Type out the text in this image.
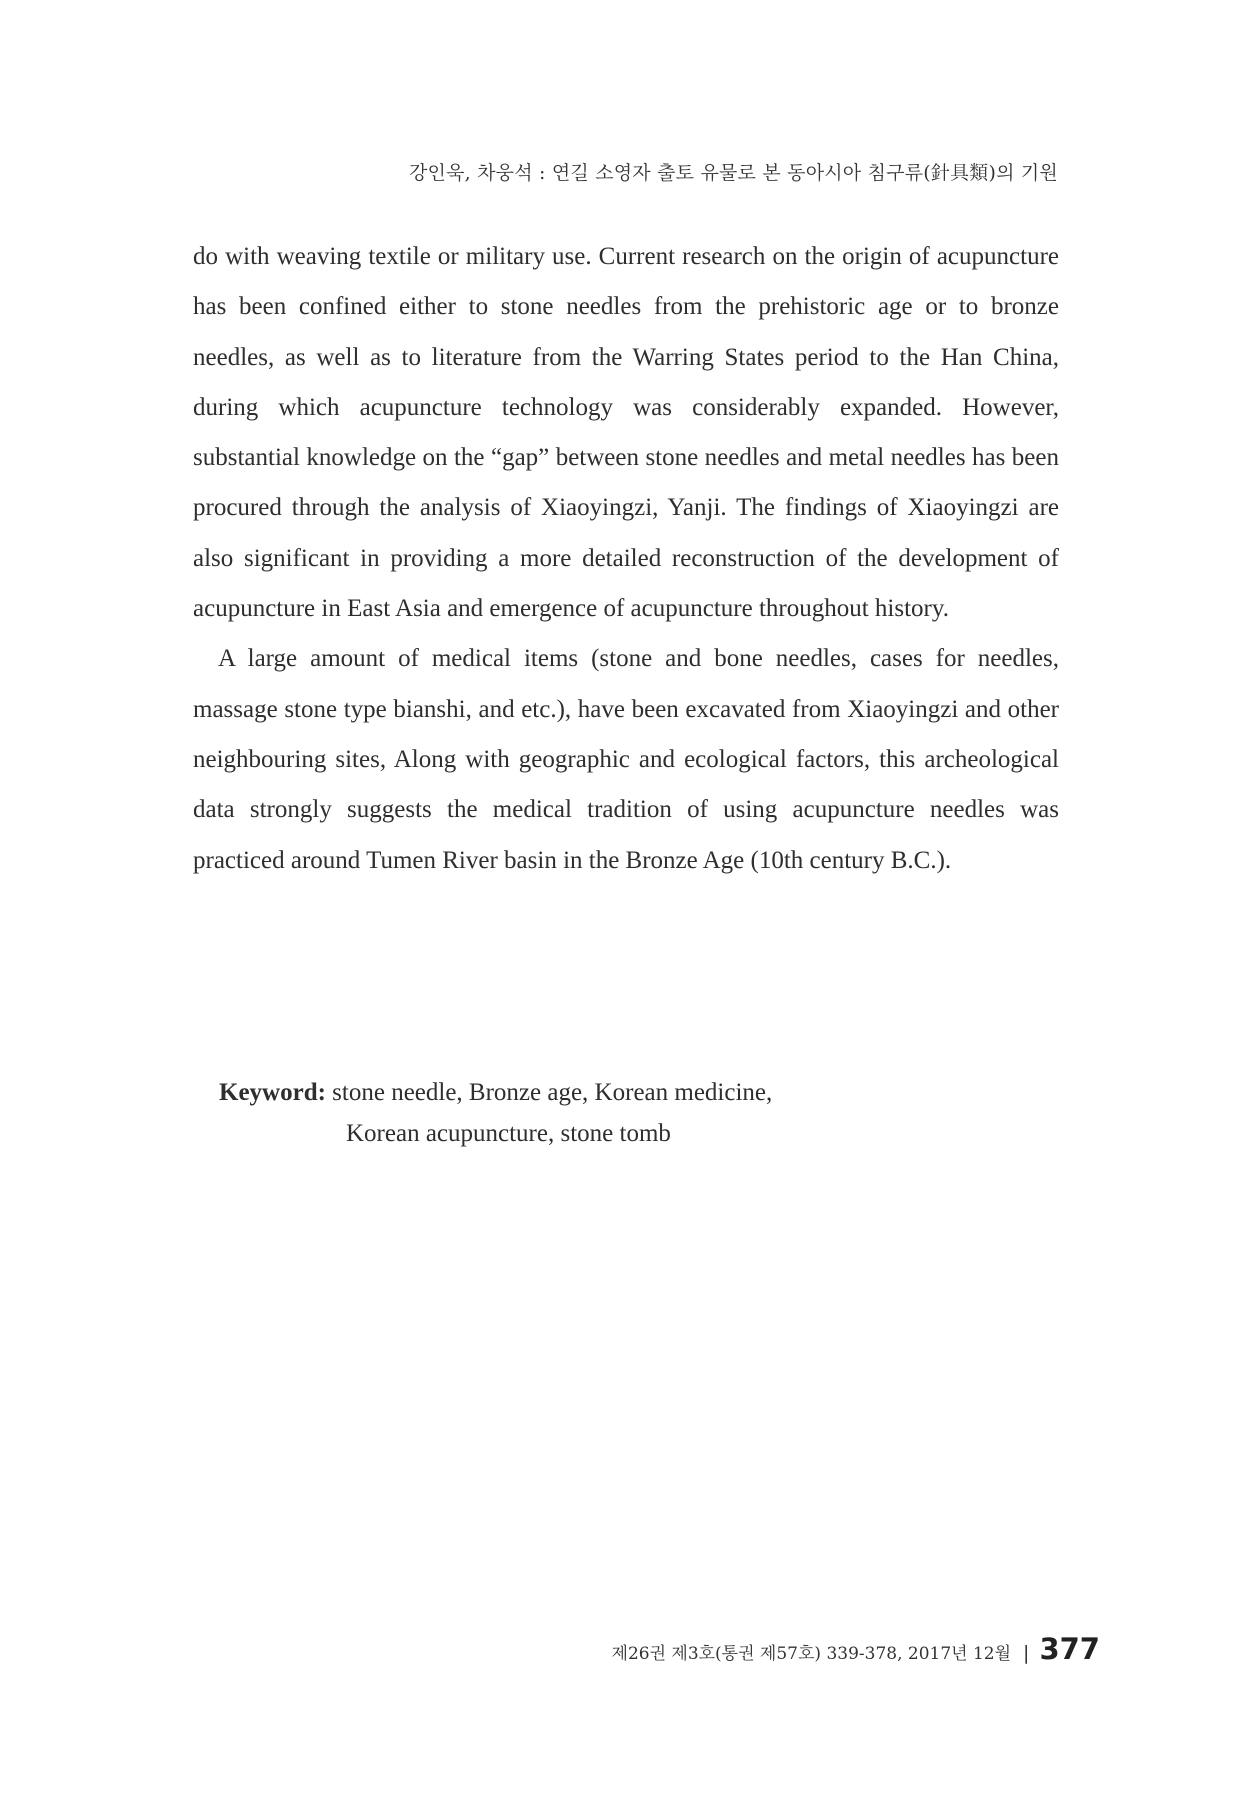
강인욱, 차웅석 : 연길 소영자 출토 유물로 본 동아시아 침구류(針具類)의 기원

do with weaving textile or military use. Current research on the origin of acupuncture has been confined either to stone needles from the prehistoric age or to bronze needles, as well as to literature from the Warring States period to the Han China, during which acupuncture technology was considerably expanded. However, substantial knowledge on the “gap” between stone needles and metal needles has been procured through the analysis of Xiaoyingzi, Yanji. The findings of Xiaoyingzi are also significant in providing a more detailed reconstruction of the development of acupuncture in East Asia and emergence of acupuncture throughout history.

A large amount of medical items (stone and bone needles, cases for needles, massage stone type bianshi, and etc.), have been excavated from Xiaoyingzi and other neighbouring sites, Along with geographic and ecological factors, this archeological data strongly suggests the medical tradition of using acupuncture needles was practiced around Tumen River basin in the Bronze Age (10th century B.C.).

Keyword: stone needle, Bronze age, Korean medicine,
Korean acupuncture, stone tomb
제26권 제3호(통권 제57호) 339-378, 2017년 12월 | 377
